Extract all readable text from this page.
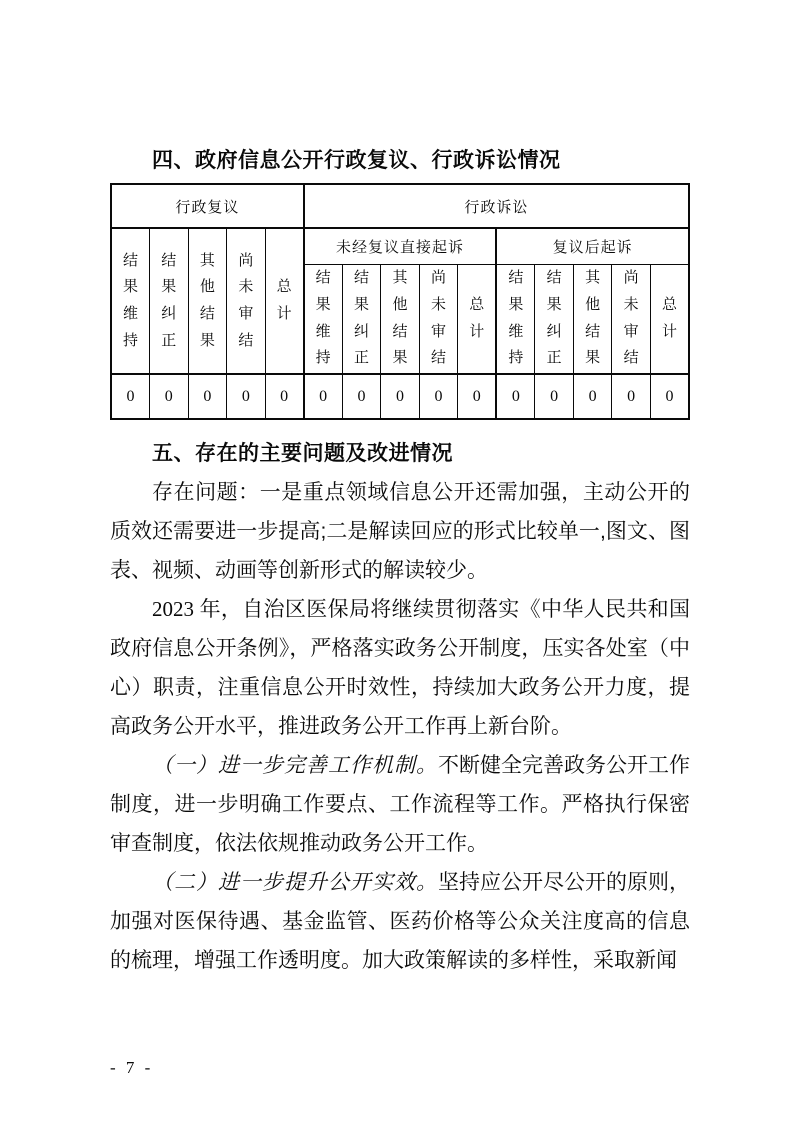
四、政府信息公开行政复议、行政诉讼情况
行政复议					行政诉讼									
结果维持	结果纠正	其他结果	尚未审结	总计	未经复议直接起诉					复议后起诉				
					结果维持	结果纠正	其他结果	尚未审结	总计	结果维持	结果纠正	其他结果	尚未审结	总计
0	0	0	0	0	0	0	0	0	0	0	0	0	0	0
五、存在的主要问题及改进情况

存在问题：一是重点领域信息公开还需加强，主动公开的质效还需要进一步提高;二是解读回应的形式比较单一,图文、图表、视频、动画等创新形式的解读较少。

2023 年，自治区医保局将继续贯彻落实《中华人民共和国政府信息公开条例》，严格落实政务公开制度，压实各处室（中心）职责，注重信息公开时效性，持续加大政务公开力度，提高政务公开水平，推进政务公开工作再上新台阶。

（一）进一步完善工作机制。不断健全完善政务公开工作制度，进一步明确工作要点、工作流程等工作。严格执行保密审查制度，依法依规推动政务公开工作。

（二）进一步提升公开实效。坚持应公开尽公开的原则，加强对医保待遇、基金监管、医药价格等公众关注度高的信息的梳理，增强工作透明度。加大政策解读的多样性，采取新闻

- 7 -
